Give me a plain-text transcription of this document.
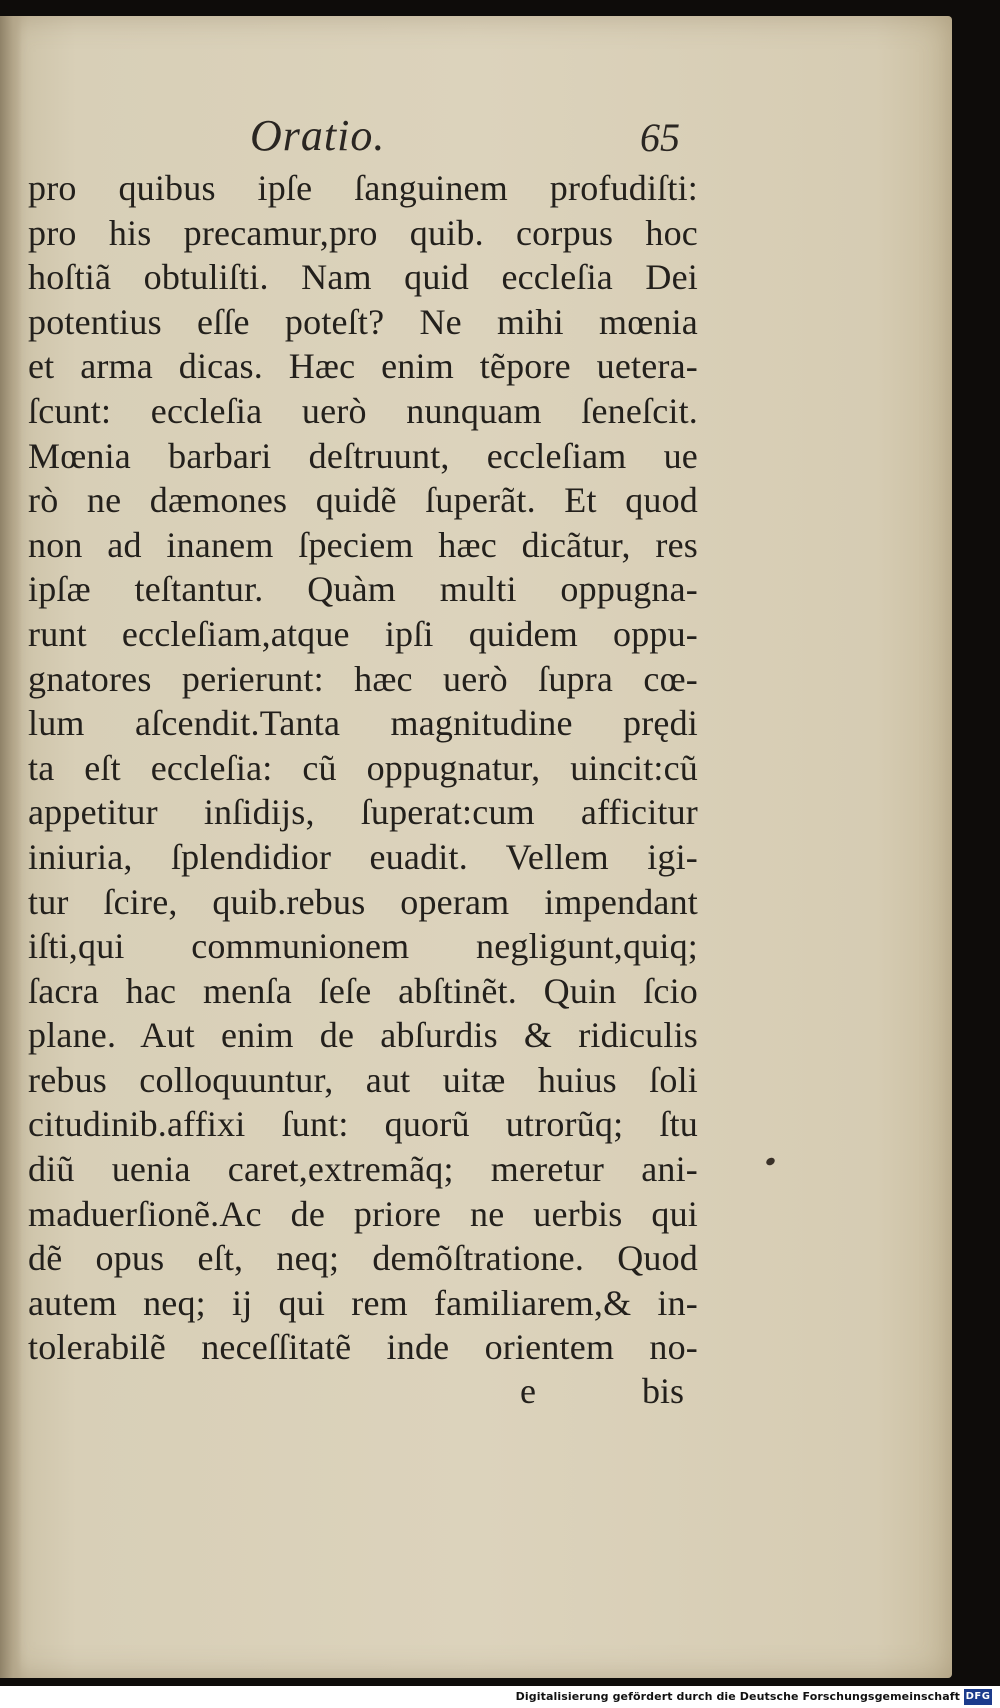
Oratio.	65
pro quibus ipſe ſanguinem profudiſti:
pro his precamur,pro quib. corpus hoc
hoſtiã obtuliſti. Nam quid eccleſia Dei
potentius eſſe poteſt? Ne mihi mœnia
et arma dicas. Hæc enim tẽpore uetera-
ſcunt: eccleſia uerò nunquam ſeneſcit.
Mœnia barbari deſtruunt, eccleſiam ue
rò ne dæmones quidẽ ſuperãt. Et quod
non ad inanem ſpeciem hæc dicãtur, res
ipſæ teſtantur. Quàm multi oppugna-
runt eccleſiam,atque ipſi quidem oppu-
gnatores perierunt: hæc uerò ſupra cœ-
lum aſcendit.Tanta magnitudine prędi
ta eſt eccleſia: cũ oppugnatur, uincit:cũ
appetitur inſidijs, ſuperat:cum afficitur
iniuria, ſplendidior euadit. Vellem igi-
tur ſcire, quib.rebus operam impendant
iſti,qui communionem negligunt,quiq;
ſacra hac menſa ſeſe abſtinẽt. Quin ſcio
plane. Aut enim de abſurdis & ridiculis
rebus colloquuntur, aut uitæ huius ſoli
citudinib.affixi ſunt: quorũ utrorũq; ſtu
diũ uenia caret,extremãq; meretur ani-
maduerſionẽ.Ac de priore ne uerbis qui
dẽ opus eſt, neq; demõſtratione. Quod
autem neq; ij qui rem familiarem,& in-
tolerabilẽ neceſſitatẽ inde orientem no-
e	bis
Digitalisierung gefördert durch die Deutsche Forschungsgemeinschaft DFG
